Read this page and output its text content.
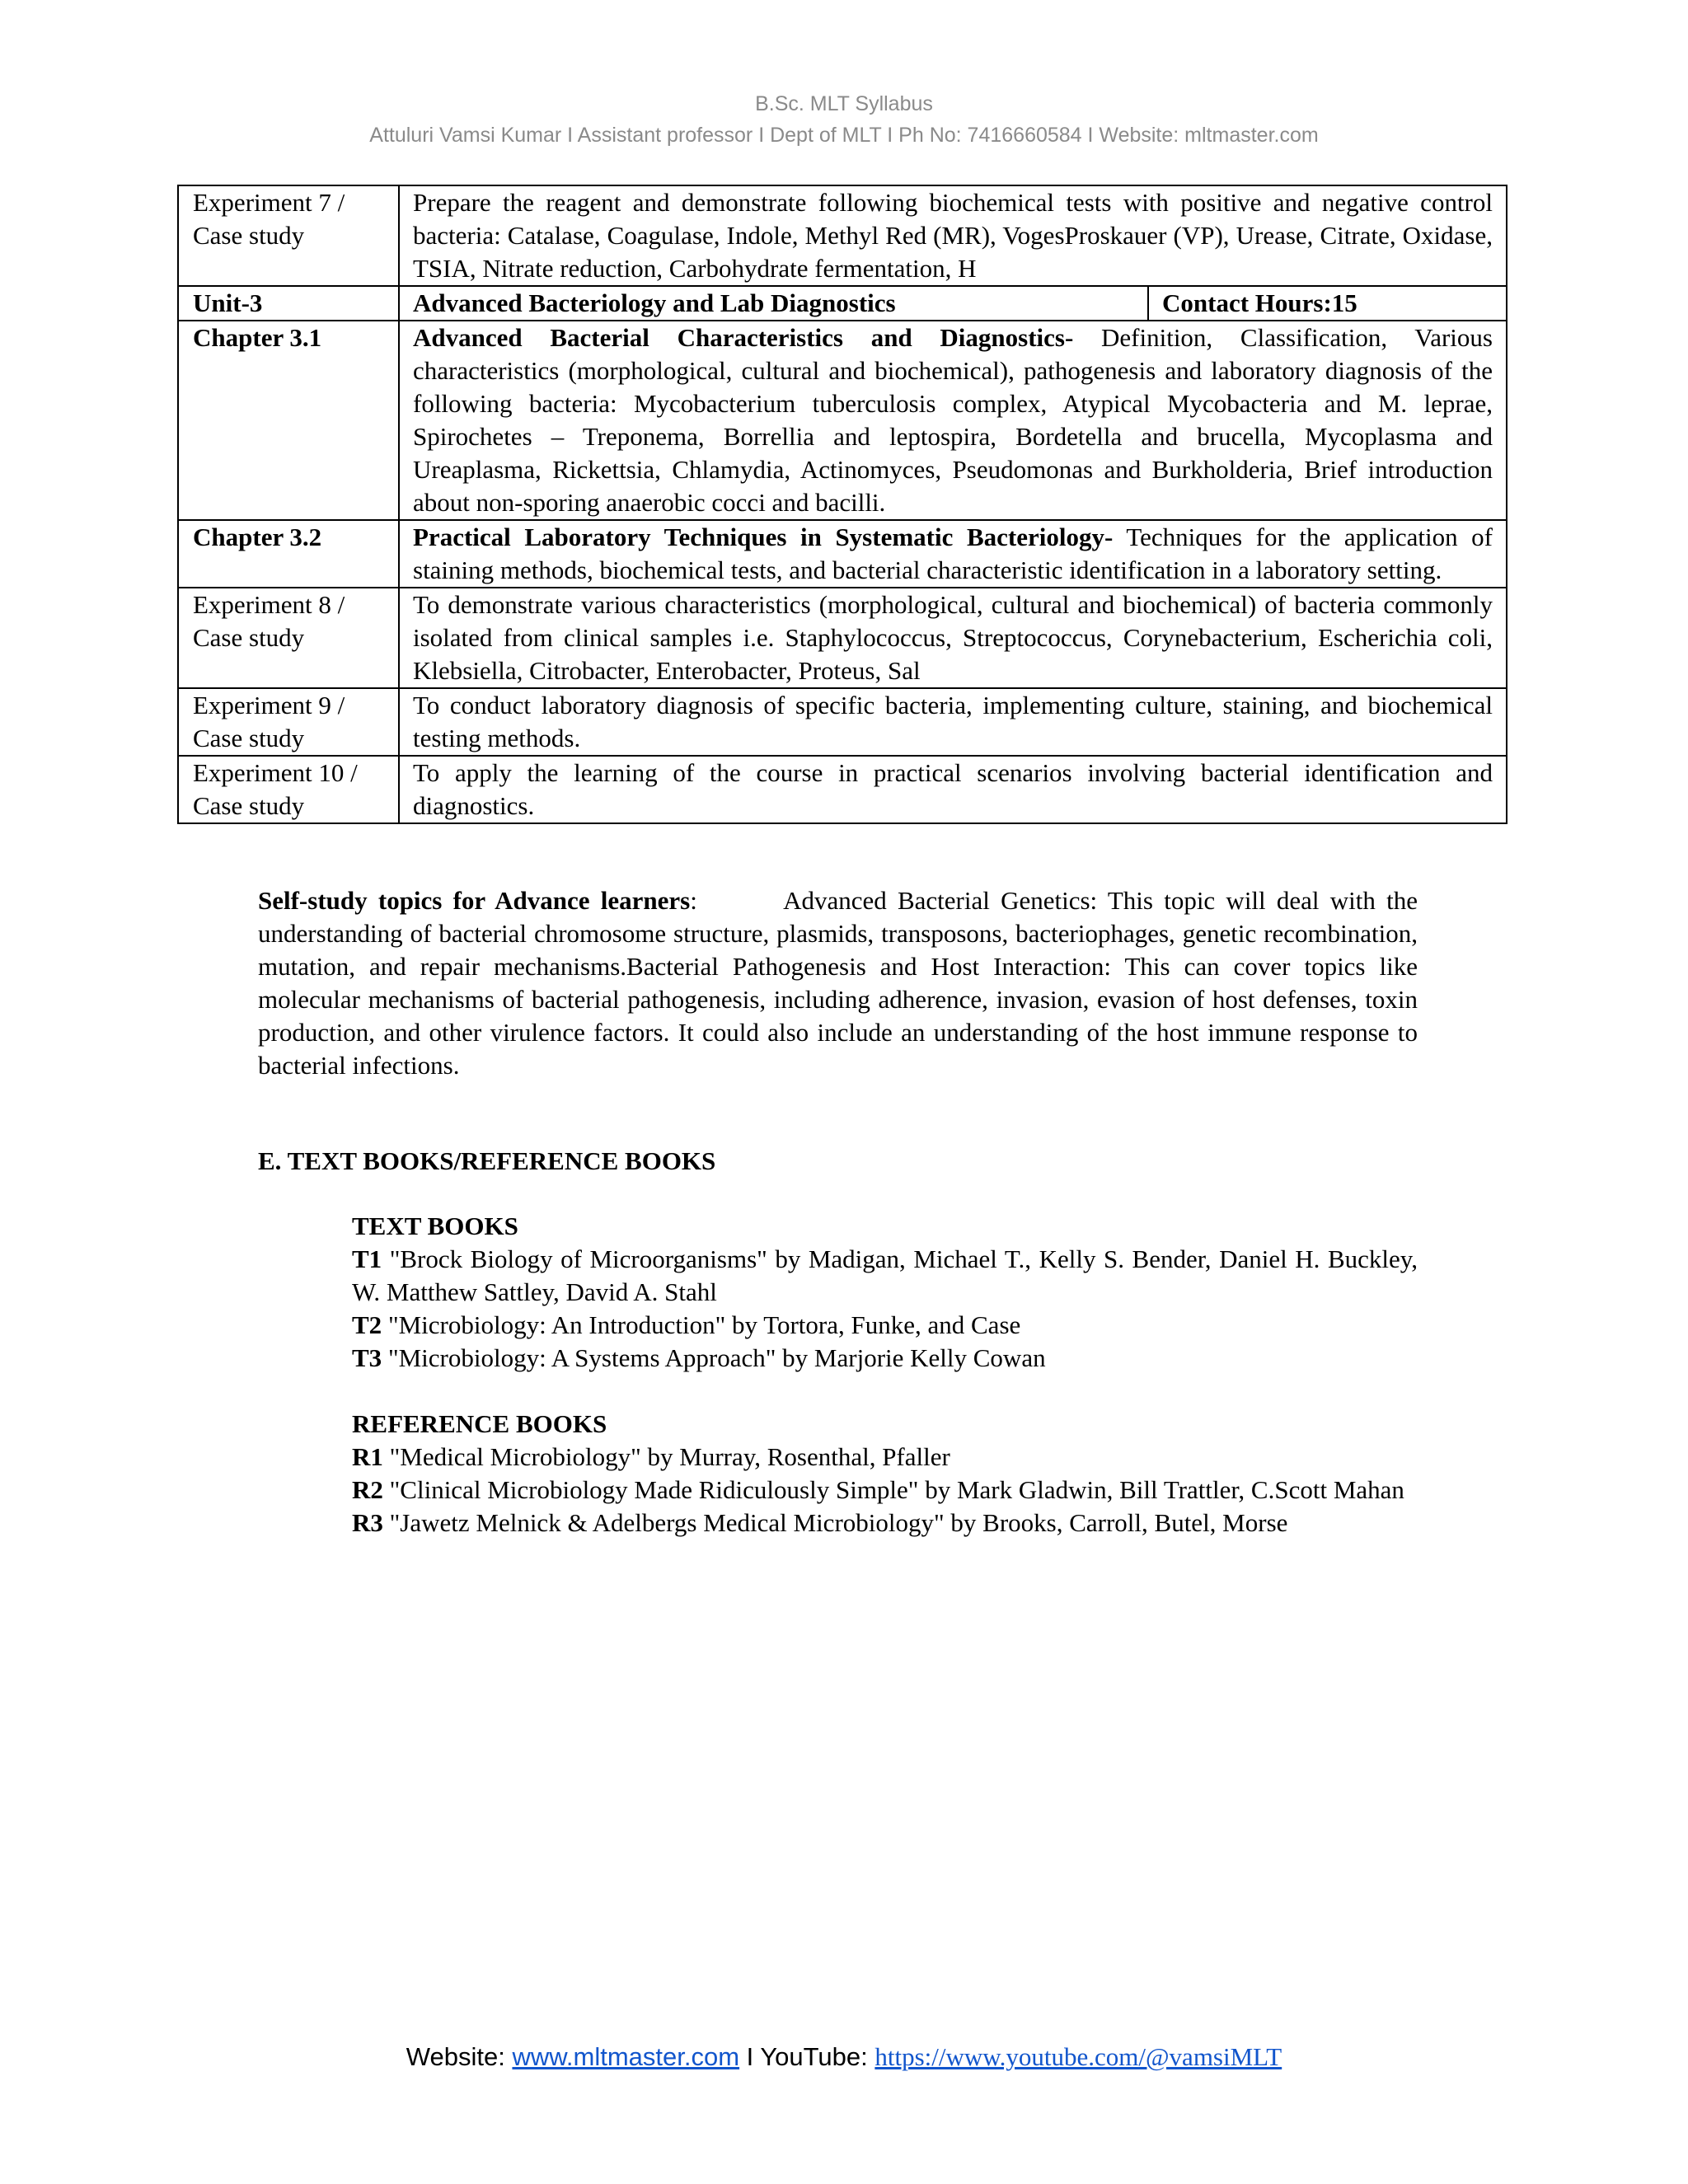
B.Sc. MLT Syllabus
Attuluri Vamsi Kumar I Assistant professor I Dept of MLT I Ph No: 7416660584 I Website: mltmaster.com
Experiment 7 / Case study	Prepare the reagent and demonstrate following biochemical tests with positive and negative control bacteria: Catalase, Coagulase, Indole, Methyl Red (MR), VogesProskauer (VP), Urease, Citrate, Oxidase, TSIA, Nitrate reduction, Carbohydrate fermentation, H	
Unit-3	Advanced Bacteriology and Lab Diagnostics	Contact Hours:15
Chapter 3.1	Advanced Bacterial Characteristics and Diagnostics- Definition, Classification, Various characteristics (morphological, cultural and biochemical), pathogenesis and laboratory diagnosis of the following bacteria: Mycobacterium tuberculosis complex, Atypical Mycobacteria and M. leprae, Spirochetes – Treponema, Borrellia and leptospira, Bordetella and brucella, Mycoplasma and Ureaplasma, Rickettsia, Chlamydia, Actinomyces, Pseudomonas and Burkholderia, Brief introduction about non-sporing anaerobic cocci and bacilli.	
Chapter 3.2	Practical Laboratory Techniques in Systematic Bacteriology- Techniques for the application of staining methods, biochemical tests, and bacterial characteristic identification in a laboratory setting.	
Experiment 8 / Case study	To demonstrate various characteristics (morphological, cultural and biochemical) of bacteria commonly isolated from clinical samples i.e. Staphylococcus, Streptococcus, Corynebacterium, Escherichia coli, Klebsiella, Citrobacter, Enterobacter, Proteus, Sal	
Experiment 9 / Case study	To conduct laboratory diagnosis of specific bacteria, implementing culture, staining, and biochemical testing methods.	
Experiment 10 / Case study	To apply the learning of the course in practical scenarios involving bacterial identification and diagnostics.	

Self-study topics for Advance learners:        Advanced Bacterial Genetics: This topic will deal with the understanding of bacterial chromosome structure, plasmids, transposons, bacteriophages, genetic recombination, mutation, and repair mechanisms.Bacterial Pathogenesis and Host Interaction: This can cover topics like molecular mechanisms of bacterial pathogenesis, including adherence, invasion, evasion of host defenses, toxin production, and other virulence factors. It could also include an understanding of the host immune response to bacterial infections.

E. TEXT BOOKS/REFERENCE BOOKS
TEXT BOOKS

T1 "Brock Biology of Microorganisms" by Madigan, Michael T., Kelly S. Bender, Daniel H. Buckley, W. Matthew Sattley, David A. Stahl

T2 "Microbiology: An Introduction" by Tortora, Funke, and Case

T3 "Microbiology: A Systems Approach" by Marjorie Kelly Cowan

REFERENCE BOOKS

R1 "Medical Microbiology" by Murray, Rosenthal, Pfaller

R2 "Clinical Microbiology Made Ridiculously Simple" by Mark Gladwin, Bill Trattler, C.Scott Mahan

R3 "Jawetz Melnick & Adelbergs Medical Microbiology" by Brooks, Carroll, Butel, Morse

Website: www.mltmaster.com I YouTube: https://www.youtube.com/@vamsiMLT
